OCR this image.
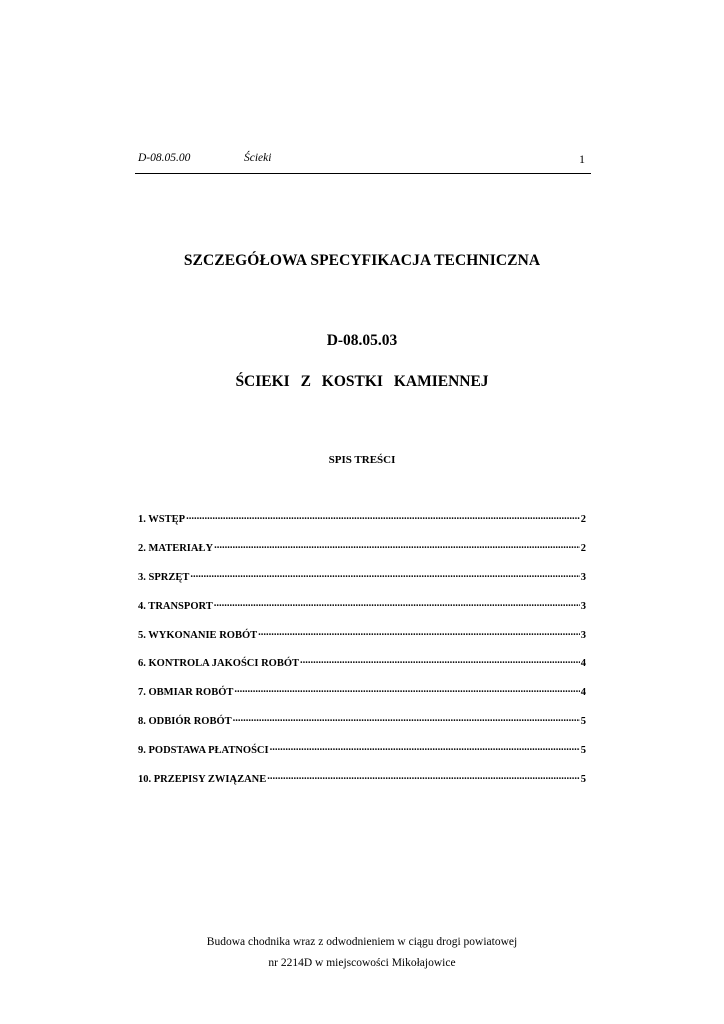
D-08.05.00	Ścieki	1
SZCZEGÓŁOWA SPECYFIKACJA TECHNICZNA
D-08.05.03
ŚCIEKI Z KOSTKI KAMIENNEJ
SPIS TREŚCI
1. WSTĘP .....	2
2. MATERIAŁY .....	2
3. SPRZĘT .....	3
4. TRANSPORT .....	3
5. WYKONANIE ROBÓT .....	3
6. KONTROLA JAKOŚCI ROBÓT .....	4
7. OBMIAR ROBÓT .....	4
8. ODBIÓR ROBÓT .....	5
9. PODSTAWA PŁATNOŚCI .....	5
10. PRZEPISY ZWIĄZANE .....	5
Budowa chodnika wraz z odwodnieniem w ciągu drogi powiatowej
nr 2214D w miejscowości Mikołajowice
